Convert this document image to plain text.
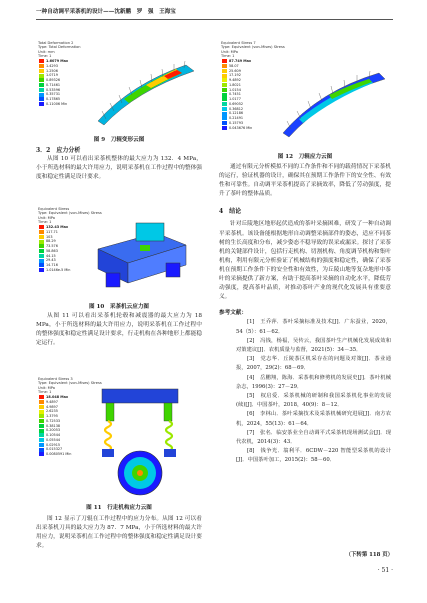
一种自动调平采茶机的设计——沈新鹏　罗　强　王海宝
Total Deformation 2
Type: Total Deformation
Unit: mm
Time: 1
1.6079 Max
1.4293
1.2506
1.0719
0.89326
0.71461
0.53596
0.35731
0.17865
0.11006 Min
图 9　刀辊变形云图
Equivalent Stress 7
Type: Equivalent (von-Mises) Stress
Unit: MPa
Time: 1
87.749 Max
58.07
25.609
17.192
9.4892
1.8021
1.0154
0.7451
1.0177
0.69052
0.36812
0.12186
0.21491
0.15793
0.043676 Min
图 12　刀辊应力云图
3．2　应力分析

从图 10 可以看出采茶机整体的最大应力为 132．4 MPa，小于所选材料的最大许用应力，说明采茶机在工作过程中的整体强度和稳定性满足设计要求。

Equivalent Stress
Type: Equivalent (von-Mises) Stress
Unit: MPa
Time: 1
132.43 Max
117.71
103
88.29
73.576
58.863
44.15
29.43
14.716
1.0146e-5 Min
图 10　采茶机云应力图

从图 11 可以看出采茶机轮毂和减震器的最大应力为 18 MPa，小于所选材料的最大许用应力，说明采茶机在工作过程中的整体强度和稳定性满足设计要求，行走机构在各种地形上都能稳定运行。

Equivalent Stress 3
Type: Equivalent (von-Mises) Stress
Unit: MPa
Time: 1
18.048 Max
9.4897
4.9897
2.6235
1.3795
0.72533
0.38138
0.20053
0.10544
0.05544
0.02915
0.015327
0.0080591 Min
图 11　行走机构应力云图

图 12 显示了刀辊在工作过程中的应力分布。从图 12 可以看出采茶机刀具的最大应力为 87．7 MPa，小于所选材料的最大许用应力，说明采茶机在工作过程中的整体强度和稳定性满足设计要求。

通过有限元分析模拟不同的工作条件和不同的载荷情况下采茶机的运行，验证机器的设计，确保其在预期工作条件下的安全性、有效性和可靠性。自动调平采茶机提高了采摘效率，降低了劳动强度，提升了茶叶的整体品质。

4　结论

针对丘陵地区地形起伏造成的茶叶采摘困难，研发了一种自动调平采茶机。该设备能根据地形自动调整采摘部件的姿态，适应不同茶树的生长高度和分布，减少姿态不稳导致的误采或漏采。探讨了采茶机的关键部件设计，包括行走机构、切割机构、角度调节机构和集叶机构，利用有限元分析验证了机械结构的强度和稳定性，确保了采茶机在预期工作条件下的安全性和有效性，为丘陵山地等复杂地形中茶叶的采摘提供了新方案，有助于提高茶叶采摘的自动化水平，降低劳动强度，提高茶叶品质，对推动茶叶产业的现代化发展具有重要意义。

参考文献：

[1]　王乔萍．茶叶采摘标准及技术[J]．广东蚕业，2020，54（5）：61－62．

[2]　冯钱，杨福，吴传云，我国茶叶生产机械化发展成效和对策建议[J]．农机质量与监督，2021(5)：34－35．

[3]　党志华．丘陵茶区机采存在的问题及对策[J]．茶业通报，2007，29(2)：68－69．

[4]　岳鹏翔，陈海．采茶机和修剪机的发展史[J]．茶叶机械杂志，1996(3)：27－29．

[5]　权启爱．采茶机械的研制和我国采茶机化事业的发展(续)[J]．中国茶叶，2018，40(9)：8－12．

[6]　李林山．茶叶采摘技术及采茶机械研究进展[J]．南方农机，2024，55(13)：61－64．

[7]　张名．临安茶业全自动调平式采茶机现场测试会[J]．现代农机，2014(3)：43．

[8]　钱争光．翁利平．6CDW－220 智能型采茶机的设计[J]．中国茶叶加工，2015(2)：58－60．

（下转第 118 页）
· 51 ·
